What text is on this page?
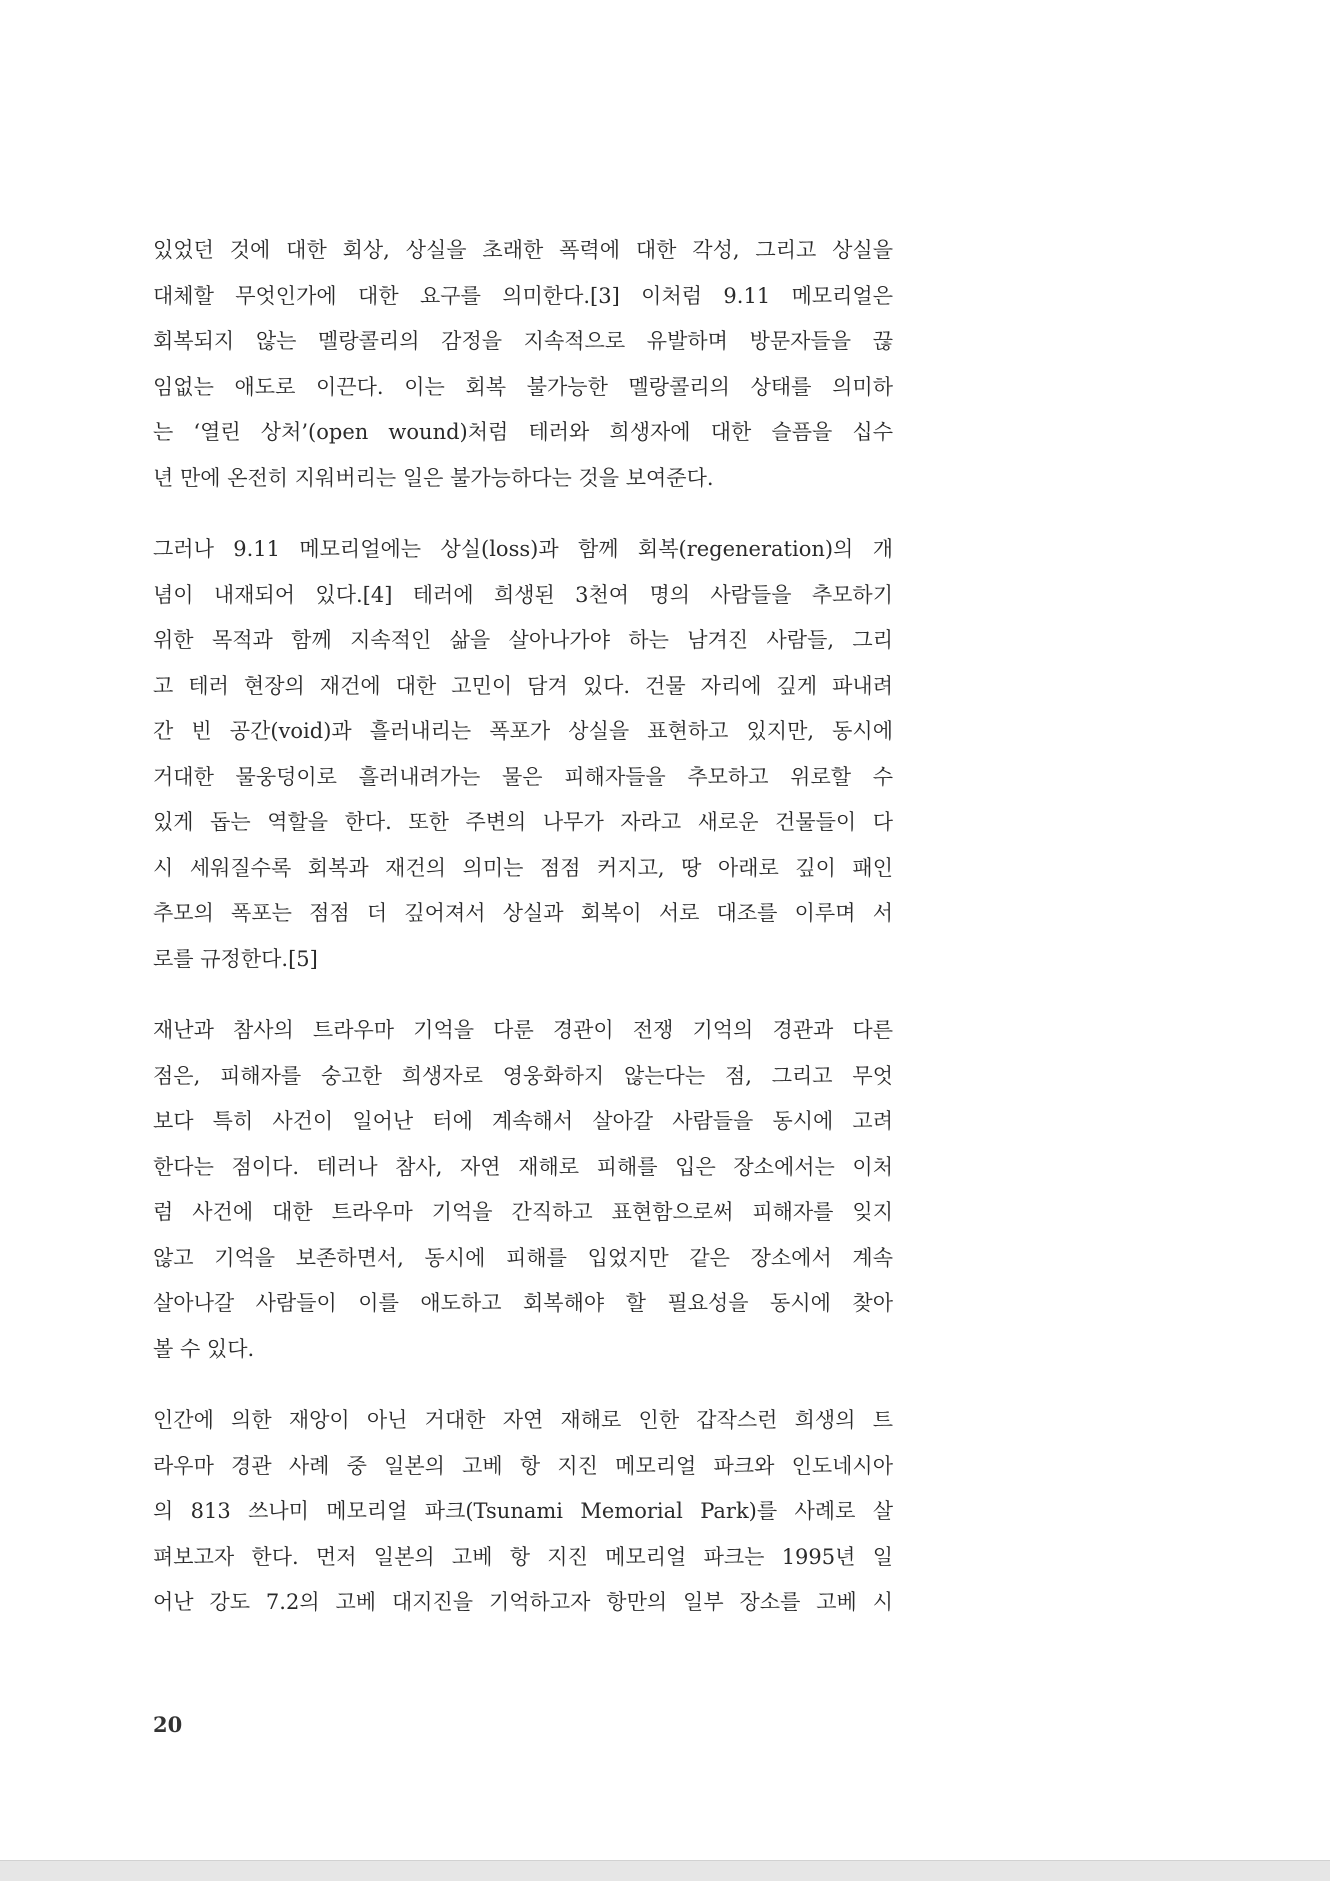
있었던 것에 대한 회상, 상실을 초래한 폭력에 대한 각성, 그리고 상실을
대체할 무엇인가에 대한 요구를 의미한다.[3] 이처럼 9.11 메모리얼은
회복되지 않는 멜랑콜리의 감정을 지속적으로 유발하며 방문자들을 끊
임없는 애도로 이끈다. 이는 회복 불가능한 멜랑콜리의 상태를 의미하
는 ‘열린 상처’(open wound)처럼 테러와 희생자에 대한 슬픔을 십수
년 만에 온전히 지워버리는 일은 불가능하다는 것을 보여준다.

그러나 9.11 메모리얼에는 상실(loss)과 함께 회복(regeneration)의 개
념이 내재되어 있다.[4] 테러에 희생된 3천여 명의 사람들을 추모하기
위한 목적과 함께 지속적인 삶을 살아나가야 하는 남겨진 사람들, 그리
고 테러 현장의 재건에 대한 고민이 담겨 있다. 건물 자리에 깊게 파내려
간 빈 공간(void)과 흘러내리는 폭포가 상실을 표현하고 있지만, 동시에
거대한 물웅덩이로 흘러내려가는 물은 피해자들을 추모하고 위로할 수
있게 돕는 역할을 한다. 또한 주변의 나무가 자라고 새로운 건물들이 다
시 세워질수록 회복과 재건의 의미는 점점 커지고, 땅 아래로 깊이 패인
추모의 폭포는 점점 더 깊어져서 상실과 회복이 서로 대조를 이루며 서
로를 규정한다.[5]

재난과 참사의 트라우마 기억을 다룬 경관이 전쟁 기억의 경관과 다른
점은, 피해자를 숭고한 희생자로 영웅화하지 않는다는 점, 그리고 무엇
보다 특히 사건이 일어난 터에 계속해서 살아갈 사람들을 동시에 고려
한다는 점이다. 테러나 참사, 자연 재해로 피해를 입은 장소에서는 이처
럼 사건에 대한 트라우마 기억을 간직하고 표현함으로써 피해자를 잊지
않고 기억을 보존하면서, 동시에 피해를 입었지만 같은 장소에서 계속
살아나갈 사람들이 이를 애도하고 회복해야 할 필요성을 동시에 찾아
볼 수 있다.

인간에 의한 재앙이 아닌 거대한 자연 재해로 인한 갑작스런 희생의 트
라우마 경관 사례 중 일본의 고베 항 지진 메모리얼 파크와 인도네시아
의 813 쓰나미 메모리얼 파크(Tsunami Memorial Park)를 사례로 살
펴보고자 한다. 먼저 일본의 고베 항 지진 메모리얼 파크는 1995년 일
어난 강도 7.2의 고베 대지진을 기억하고자 항만의 일부 장소를 고베 시

20
